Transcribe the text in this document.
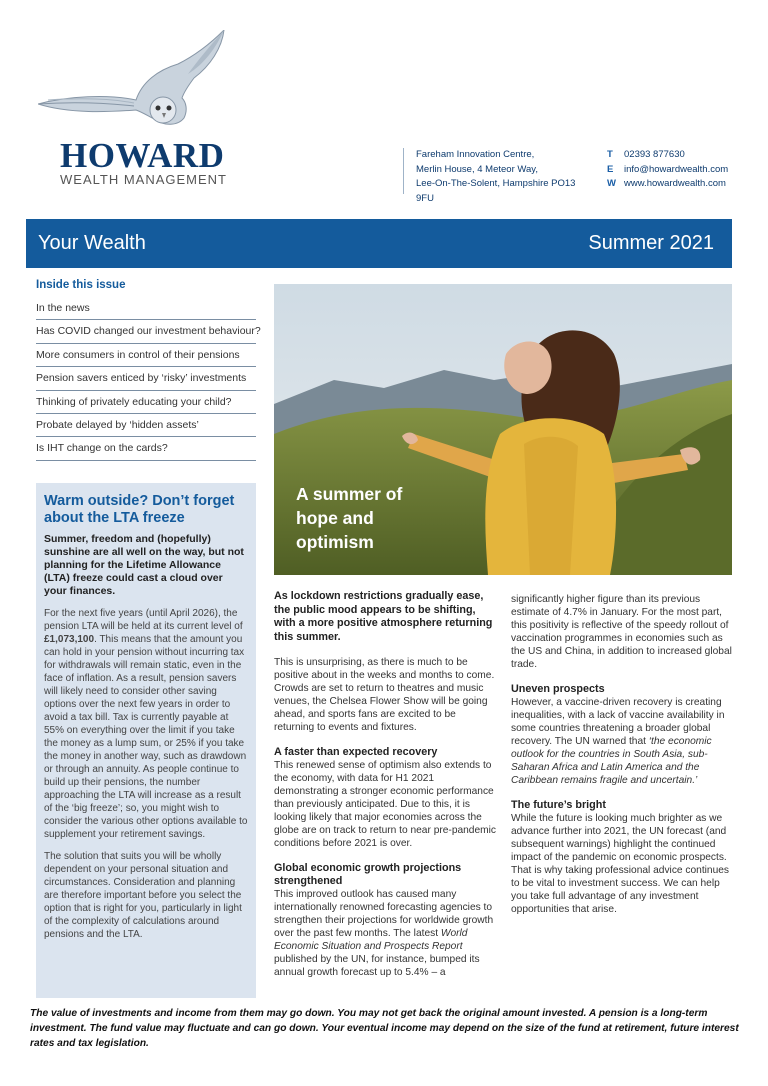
HOWARD
WEALTH MANAGEMENT
Fareham Innovation Centre,
Merlin House, 4 Meteor Way,
Lee-On-The-Solent, Hampshire PO13 9FU
T 02393 877630
E info@howardwealth.com
W www.howardwealth.com
Your Wealth	Summer 2021
Inside this issue
In the news
Has COVID changed our investment behaviour?
More consumers in control of their pensions
Pension savers enticed by ‘risky’ investments
Thinking of privately educating your child?
Probate delayed by ‘hidden assets’
Is IHT change on the cards?
Warm outside? Don’t forget about the LTA freeze
Summer, freedom and (hopefully) sunshine are all well on the way, but not planning for the Lifetime Allowance (LTA) freeze could cast a cloud over your finances.
For the next five years (until April 2026), the pension LTA will be held at its current level of £1,073,100. This means that the amount you can hold in your pension without incurring tax for withdrawals will remain static, even in the face of inflation. As a result, pension savers will likely need to consider other saving options over the next few years in order to avoid a tax bill. Tax is currently payable at 55% on everything over the limit if you take the money as a lump sum, or 25% if you take the money in another way, such as drawdown or through an annuity. As people continue to build up their pensions, the number approaching the LTA will increase as a result of the ‘big freeze’; so, you might wish to consider the various other options available to supplement your retirement savings.
The solution that suits you will be wholly dependent on your personal situation and circumstances. Consideration and planning are therefore important before you select the option that is right for you, particularly in light of the complexity of calculations around pensions and the LTA.
A summer of hope and optimism
As lockdown restrictions gradually ease, the public mood appears to be shifting, with a more positive atmosphere returning this summer.
This is unsurprising, as there is much to be positive about in the weeks and months to come. Crowds are set to return to theatres and music venues, the Chelsea Flower Show will be going ahead, and sports fans are excited to be returning to events and fixtures.
A faster than expected recovery
This renewed sense of optimism also extends to the economy, with data for H1 2021 demonstrating a stronger economic performance than previously anticipated. Due to this, it is looking likely that major economies across the globe are on track to return to near pre-pandemic conditions before 2021 is over.
Global economic growth projections strengthened
This improved outlook has caused many internationally renowned forecasting agencies to strengthen their projections for worldwide growth over the past few months. The latest World Economic Situation and Prospects Report published by the UN, for instance, bumped its annual growth forecast up to 5.4% – a
significantly higher figure than its previous estimate of 4.7% in January. For the most part, this positivity is reflective of the speedy rollout of vaccination programmes in economies such as the US and China, in addition to increased global trade.
Uneven prospects
However, a vaccine-driven recovery is creating inequalities, with a lack of vaccine availability in some countries threatening a broader global recovery. The UN warned that ‘the economic outlook for the countries in South Asia, sub-Saharan Africa and Latin America and the Caribbean remains fragile and uncertain.’
The future’s bright
While the future is looking much brighter as we advance further into 2021, the UN forecast (and subsequent warnings) highlight the continued impact of the pandemic on economic prospects. That is why taking professional advice continues to be vital to investment success. We can help you take full advantage of any investment opportunities that arise.
The value of investments and income from them may go down. You may not get back the original amount invested. A pension is a long-term investment. The fund value may fluctuate and can go down. Your eventual income may depend on the size of the fund at retirement, future interest rates and tax legislation.
